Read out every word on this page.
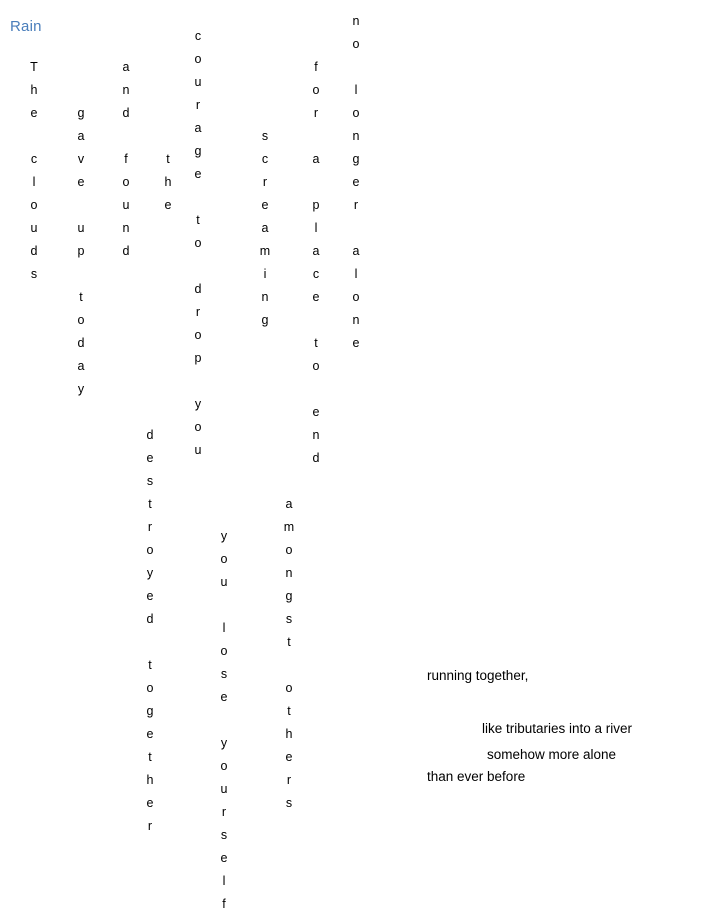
Rain
T
h
e

c
l
o
u
d
s
g
a
v
e

u
p

t
o
d
a
y
a
n
d

f
o
u
n
d
t
h
e
c
o
u
r
a
g
e

t
o

d
r
o
p

y
o
u
s
c
r
e
a
m
i
n
g
f
o
r

a

p
l
a
c
e

t
o

e
n
d
n
o

l
o
n
g
e
r

a
l
o
n
e
d
e
s
t
r
o
y
e
d

t
o
g
e
t
h
e
r
y
o
u

l
o
s
e

y
o
u
r
s
e
l
f
a
m
o
n
g
s
t

o
t
h
e
r
s
running together,
like tributaries into a river
somehow more alone
than ever before
